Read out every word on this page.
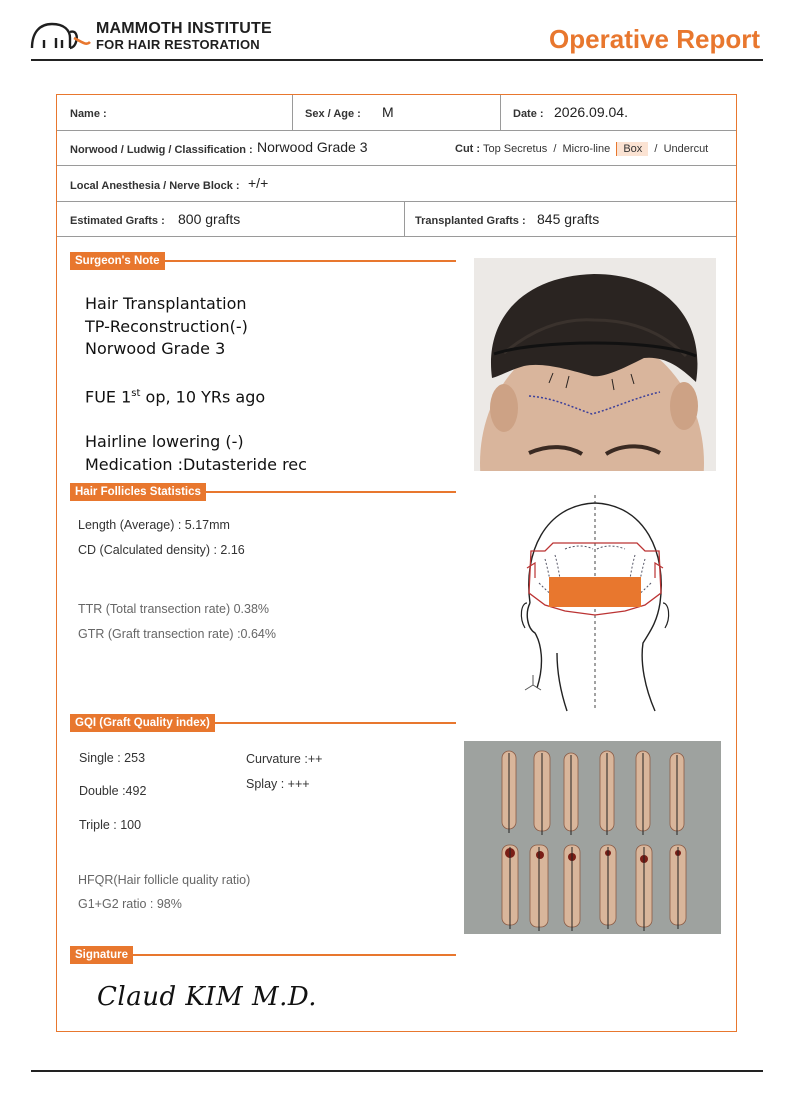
MAMMOTH INSTITUTE
FOR HAIR RESTORATION	Operative Report
Name :	Sex / Age : M	Date : 2026.09.04.
Norwood / Ludwig / Classification : Norwood Grade 3	Cut : Top Secretus / Micro-line Box / Undercut
Local Anesthesia / Nerve Block : +/+
Estimated Grafts : 800 grafts	Transplanted Grafts : 845 grafts
Surgeon's Note
Hair Transplantation
TP-Reconstruction(-)
Norwood Grade 3
FUE 1st op, 10 YRs ago
Hairline lowering (-)
Medication :Dutasteride rec
Hair Follicles Statistics
Length (Average) : 5.17mm
CD (Calculated density) : 2.16
TTR (Total transection rate) 0.38%
GTR (Graft transection rate) :0.64%
GQI (Graft Quality index)
Single : 253
Double :492
Triple : 100
Curvature :++
Splay : +++
HFQR(Hair follicle quality ratio)
G1+G2 ratio : 98%
Signature
Claud KIM M.D.
